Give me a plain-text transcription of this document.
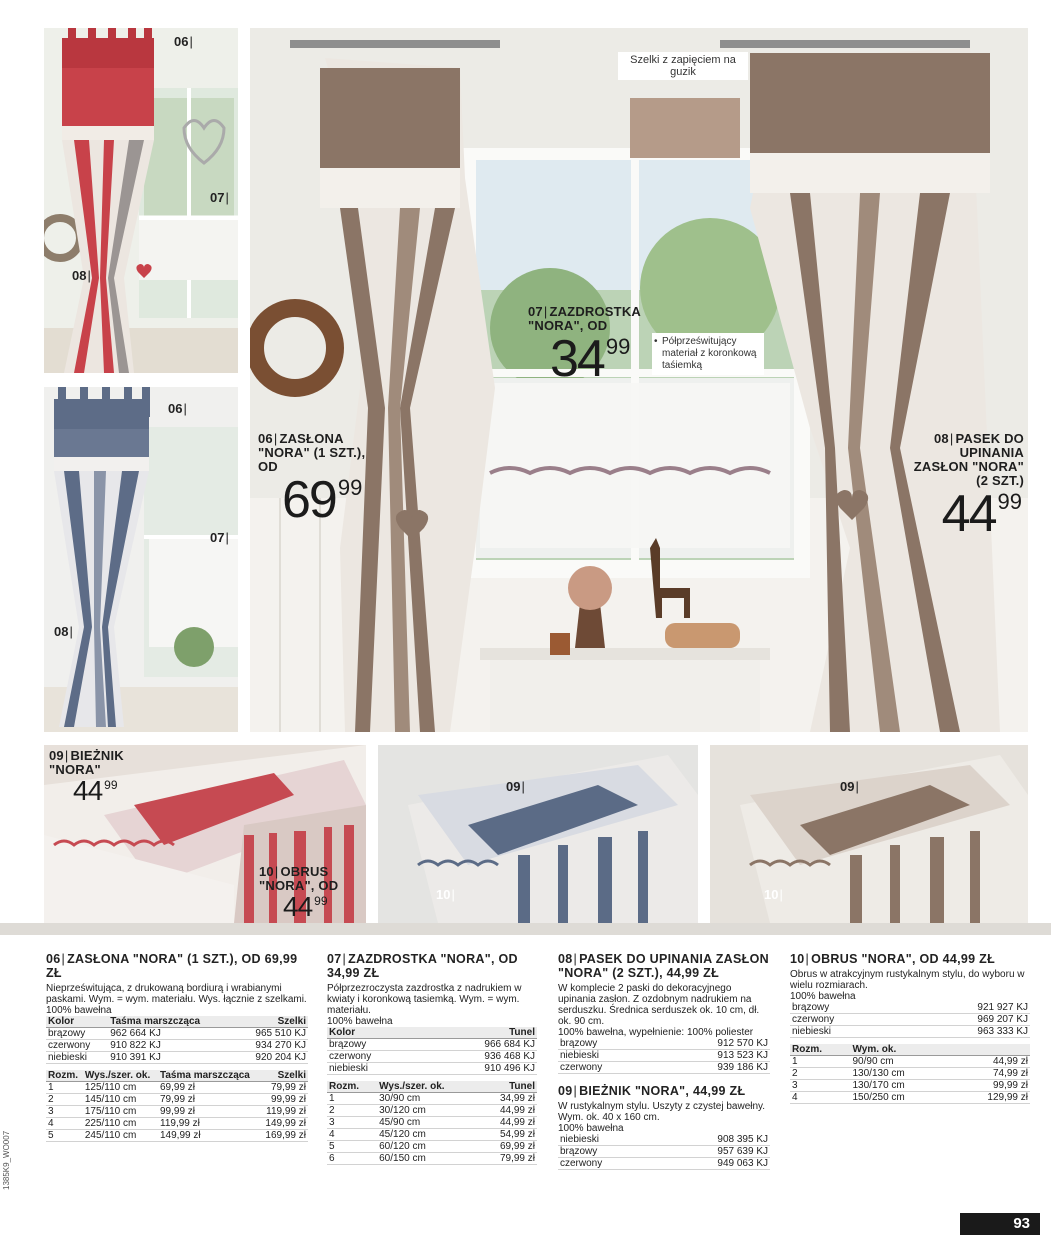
06 |
07 |
08 |
06 |
07 |
08 |
Szelki z zapięciem na guzik
07 | ZAZDROSTKA "NORA", OD
3499	• Półprześwitujący materiał z koronkową taśiemką
06 | ZASŁONA "NORA" (1 SZT.), OD
6999
08 | PASEK DO UPINANIA ZASŁON "NORA" (2 SZT.)
4499
09 | BIEŻNIK "NORA"
44 $^{99}$
10 | OBRUS "NORA", OD
44 $^{99}$
09 |
10 |
09 |
10 |
06 | ZASŁONA "NORA" (1 SZT.), OD 69,99 ZŁ

Nieprześwitująca, z drukowaną bordiurą i wrabianymi paskami. Wym. = wym. materiału. Wys. łącznie z szelkami.

100% bawełna

Kolor	Taśma marszcząca	Szelki
brązowy	962 664 KJ	965 510 KJ
czerwony	910 822 KJ	934 270 KJ
niebieski	910 391 KJ	920 204 KJ
Rozm.	Wys./szer. ok.	Taśma marszcząca	Szelki
1	125/110 cm	69,99 zł	79,99 zł
2	145/110 cm	79,99 zł	99,99 zł
3	175/110 cm	99,99 zł	119,99 zł
4	225/110 cm	119,99 zł	149,99 zł
5	245/110 cm	149,99 zł	169,99 zł
07 | ZAZDROSTKA "NORA", OD 34,99 ZŁ

Półprzezroczysta zazdrostka z nadrukiem w kwiaty i koronkową tasiemką. Wym. = wym. materiału.

100% bawełna

Kolor	Tunel
brązowy	966 684 KJ
czerwony	936 468 KJ
niebieski	910 496 KJ
Rozm.	Wys./szer. ok.	Tunel
1	30/90 cm	34,99 zł
2	30/120 cm	44,99 zł
3	45/90 cm	44,99 zł
4	45/120 cm	54,99 zł
5	60/120 cm	69,99 zł
6	60/150 cm	79,99 zł
08 | PASEK DO UPINANIA ZASŁON "NORA" (2 SZT.), 44,99 ZŁ

W komplecie 2 paski do dekoracyjnego upinania zasłon. Z ozdobnym nadrukiem na serduszku. Średnica serduszek ok. 10 cm, dł. ok. 90 cm.

100% bawełna, wypełnienie: 100% poliester

brązowy	912 570 KJ
niebieski	913 523 KJ
czerwony	939 186 KJ
09 | BIEŻNIK "NORA", 44,99 ZŁ

W rustykalnym stylu. Uszyty z czystej bawełny. Wym. ok. 40 x 160 cm.

100% bawełna

niebieski	908 395 KJ
brązowy	957 639 KJ
czerwony	949 063 KJ
10 | OBRUS "NORA", OD 44,99 ZŁ

Obrus w atrakcyjnym rustykalnym stylu, do wyboru w wielu rozmiarach.

100% bawełna

brązowy	921 927 KJ
czerwony	969 207 KJ
niebieski	963 333 KJ
Rozm.	Wym. ok.	
1	90/90 cm	44,99 zł
2	130/130 cm	74,99 zł
3	130/170 cm	99,99 zł
4	150/250 cm	129,99 zł
1385K9_WO007
93
